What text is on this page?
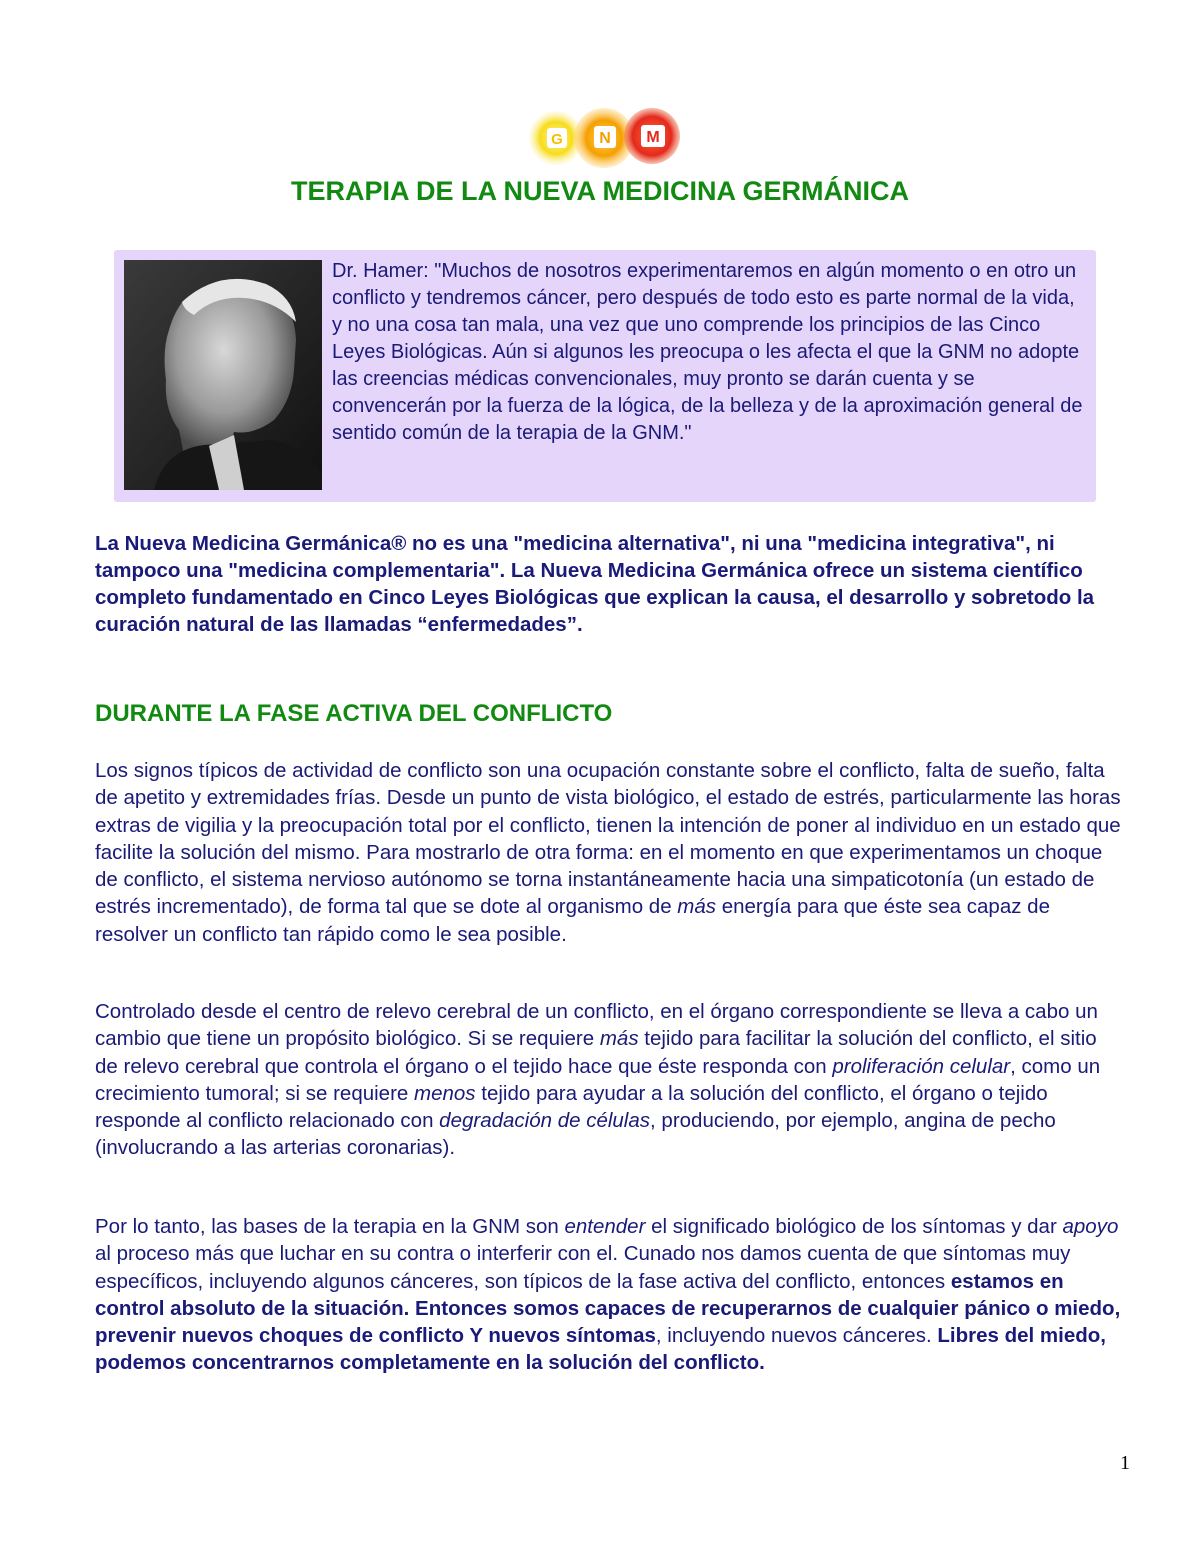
G N M
TERAPIA DE LA NUEVA MEDICINA GERMÁNICA

Dr. Hamer: "Muchos de nosotros experimentaremos en algún momento o en otro un conflicto y tendremos cáncer, pero después de todo esto es parte normal de la vida, y no una cosa tan mala, una vez que uno comprende los principios de las Cinco Leyes Biológicas. Aún si algunos les preocupa o les afecta el que la GNM no adopte las creencias médicas convencionales, muy pronto se darán cuenta y se convencerán por la fuerza de la lógica, de la belleza y de la aproximación general de sentido común de la terapia de la GNM."

La Nueva Medicina Germánica® no es una "medicina alternativa", ni una "medicina integrativa", ni tampoco una "medicina complementaria". La Nueva Medicina Germánica ofrece un sistema científico completo fundamentado en Cinco Leyes Biológicas que explican la causa, el desarrollo y sobretodo la curación natural de las llamadas “enfermedades”.

DURANTE LA FASE ACTIVA DEL CONFLICTO

Los signos típicos de actividad de conflicto son una ocupación constante sobre el conflicto, falta de sueño, falta de apetito y extremidades frías. Desde un punto de vista biológico, el estado de estrés, particularmente las horas extras de vigilia y la preocupación total por el conflicto, tienen la intención de poner al individuo en un estado que facilite la solución del mismo. Para mostrarlo de otra forma: en el momento en que experimentamos un choque de conflicto, el sistema nervioso autónomo se torna instantáneamente hacia una simpaticotonía (un estado de estrés incrementado), de forma tal que se dote al organismo de más energía para que éste sea capaz de resolver un conflicto tan rápido como le sea posible.

Controlado desde el centro de relevo cerebral de un conflicto, en el órgano correspondiente se lleva a cabo un cambio que tiene un propósito biológico. Si se requiere más tejido para facilitar la solución del conflicto, el sitio de relevo cerebral que controla el órgano o el tejido hace que éste responda con proliferación celular, como un crecimiento tumoral; si se requiere menos tejido para ayudar a la solución del conflicto, el órgano o tejido responde al conflicto relacionado con degradación de células, produciendo, por ejemplo, angina de pecho (involucrando a las arterias coronarias).

Por lo tanto, las bases de la terapia en la GNM son entender el significado biológico de los síntomas y dar apoyo al proceso más que luchar en su contra o interferir con el. Cunado nos damos cuenta de que síntomas muy específicos, incluyendo algunos cánceres, son típicos de la fase activa del conflicto, entonces estamos en control absoluto de la situación. Entonces somos capaces de recuperarnos de cualquier pánico o miedo, prevenir nuevos choques de conflicto Y nuevos síntomas, incluyendo nuevos cánceres. Libres del miedo, podemos concentrarnos completamente en la solución del conflicto.

1
